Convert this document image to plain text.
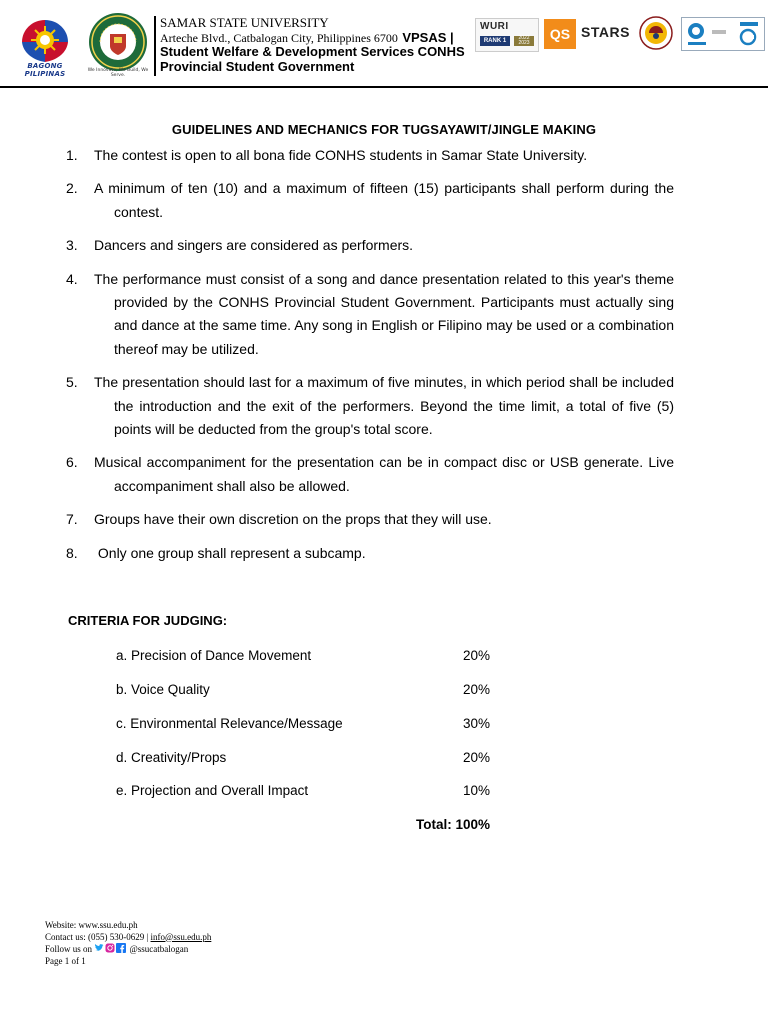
BAGONG PILIPINAS	We Innovate, We Build, We Serve.
SAMAR STATE UNIVERSITY
Arteche Blvd., Catbalogan City, Philippines 6700 VPSAS |
Student Welfare & Development Services CONHS
Provincial Student Government
WURI
RANK 1	2022 2023
QS STARS
GUIDELINES AND MECHANICS FOR TUGSAYAWIT/JINGLE MAKING
1. The contest is open to all bona fide CONHS students in Samar State University.
2. A minimum of ten (10) and a maximum of fifteen (15) participants shall perform during the contest.
3. Dancers and singers are considered as performers.
4. The performance must consist of a song and dance presentation related to this year's theme provided by the CONHS Provincial Student Government. Participants must actually sing and dance at the same time. Any song in English or Filipino may be used or a combination thereof may be utilized.
5. The presentation should last for a maximum of five minutes, in which period shall be included the introduction and the exit of the performers. Beyond the time limit, a total of five (5) points will be deducted from the group's total score.
6. Musical accompaniment for the presentation can be in compact disc or USB generate. Live accompaniment shall also be allowed.
7. Groups have their own discretion on the props that they will use.
8. Only one group shall represent a subcamp.
CRITERIA FOR JUDGING:
a. Precision of Dance Movement	20%
b. Voice Quality	20%
c. Environmental Relevance/Message	30%
d. Creativity/Props	20%
e. Projection and Overall Impact	10%
Total: 100%
Website: www.ssu.edu.ph
Contact us: (055) 530-0629 | info@ssu.edu.ph
Follow us on	@ssucatbalogan
Page 1 of 1
